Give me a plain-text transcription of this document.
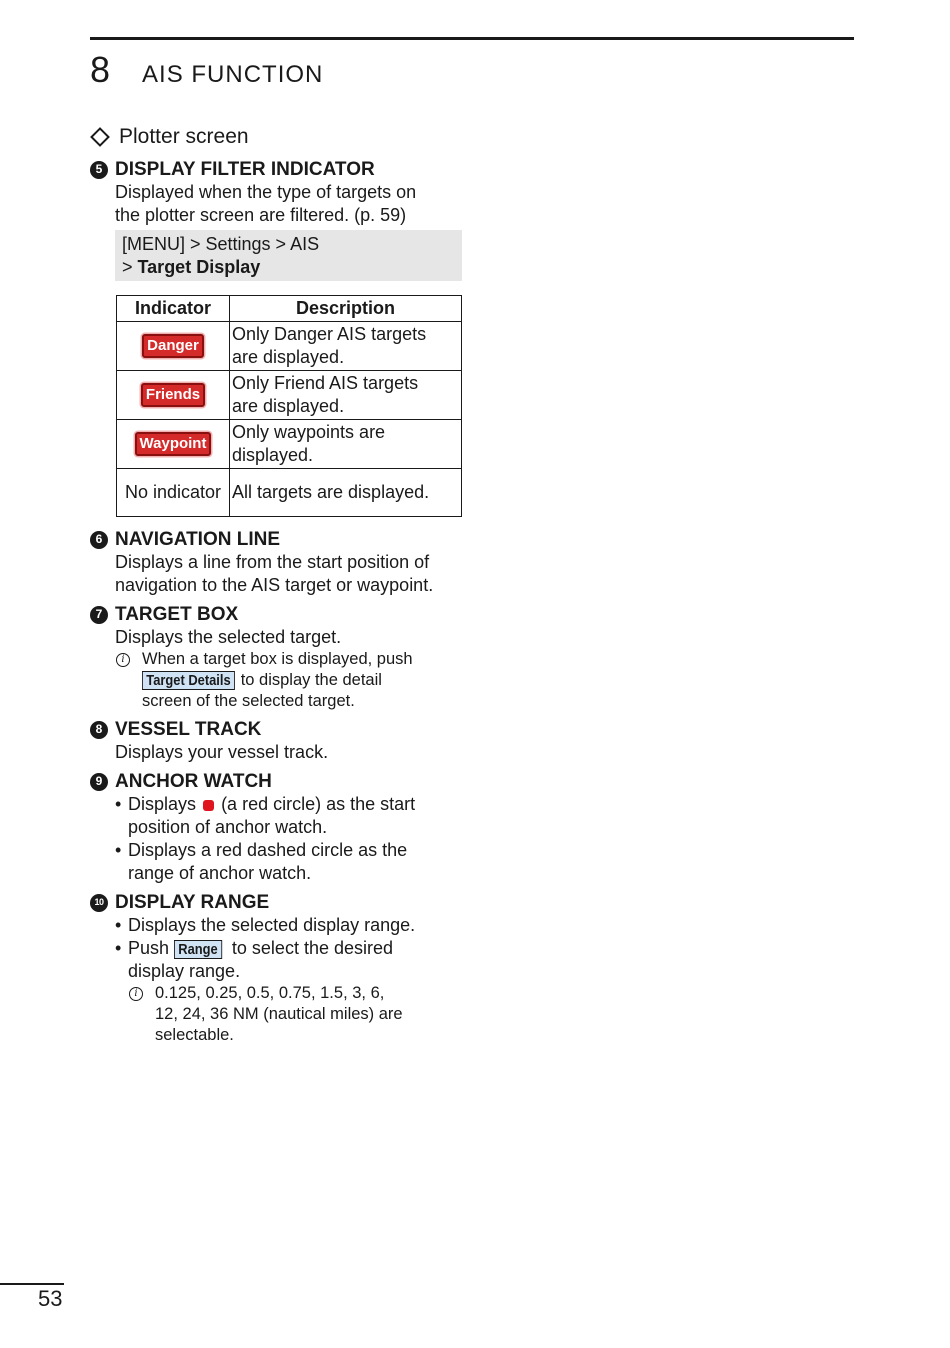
8 AIS FUNCTION
Plotter screen
5 DISPLAY FILTER INDICATOR
Displayed when the type of targets on
the plotter screen are filtered. (p. 59)
[MENU] > Settings > AIS
> Target Display
Indicator	Description
Danger	Only Danger AIS targets
are displayed.

Friends	Only Friend AIS targets
are displayed.

Waypoint	Only waypoints are
displayed.

No indicator	All targets are displayed.
6 NAVIGATION LINE
Displays a line from the start position of
navigation to the AIS target or waypoint.
7 TARGET BOX
Displays the selected target.
i	When a target box is displayed, push
Target Details to display the detail
screen of the selected target.
8 VESSEL TRACK
Displays your vessel track.
9 ANCHOR WATCH
• Displays (a red circle) as the start
position of anchor watch.
• Displays a red dashed circle as the
range of anchor watch.
10 DISPLAY RANGE
• Displays the selected display range.
• Push Range to select the desired
display range.
i	0.125, 0.25, 0.5, 0.75, 1.5, 3, 6,
12, 24, 36 NM (nautical miles) are
selectable.
53
